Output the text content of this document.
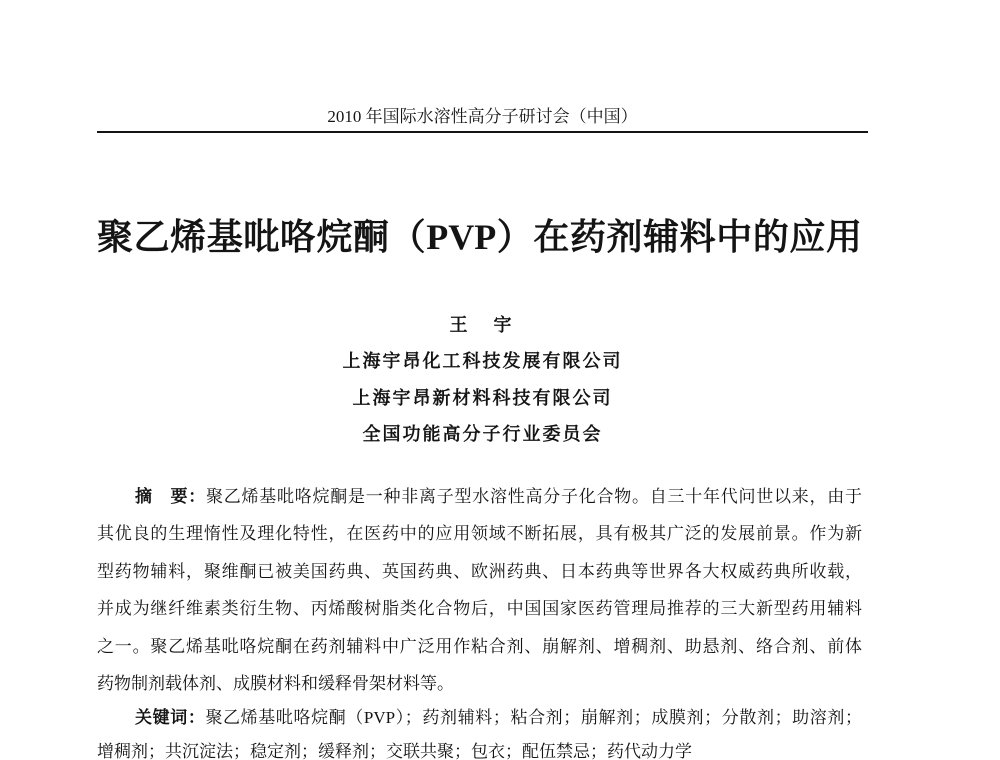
2010 年国际水溶性高分子研讨会（中国）
聚乙烯基吡咯烷酮（PVP）在药剂辅料中的应用
王　宇
上海宇昂化工科技发展有限公司
上海宇昂新材料科技有限公司
全国功能高分子行业委员会
摘　要：聚乙烯基吡咯烷酮是一种非离子型水溶性高分子化合物。自三十年代问世以来，由于
其优良的生理惰性及理化特性，在医药中的应用领域不断拓展，具有极其广泛的发展前景。作为新
型药物辅料，聚维酮已被美国药典、英国药典、欧洲药典、日本药典等世界各大权威药典所收载，
并成为继纤维素类衍生物、丙烯酸树脂类化合物后，中国国家医药管理局推荐的三大新型药用辅料
之一。聚乙烯基吡咯烷酮在药剂辅料中广泛用作粘合剂、崩解剂、增稠剂、助悬剂、络合剂、前体
药物制剂载体剂、成膜材料和缓释骨架材料等。
关键词：聚乙烯基吡咯烷酮（PVP）；药剂辅料；粘合剂；崩解剂；成膜剂；分散剂；助溶剂；
增稠剂；共沉淀法；稳定剂；缓释剂；交联共聚；包衣；配伍禁忌；药代动力学
